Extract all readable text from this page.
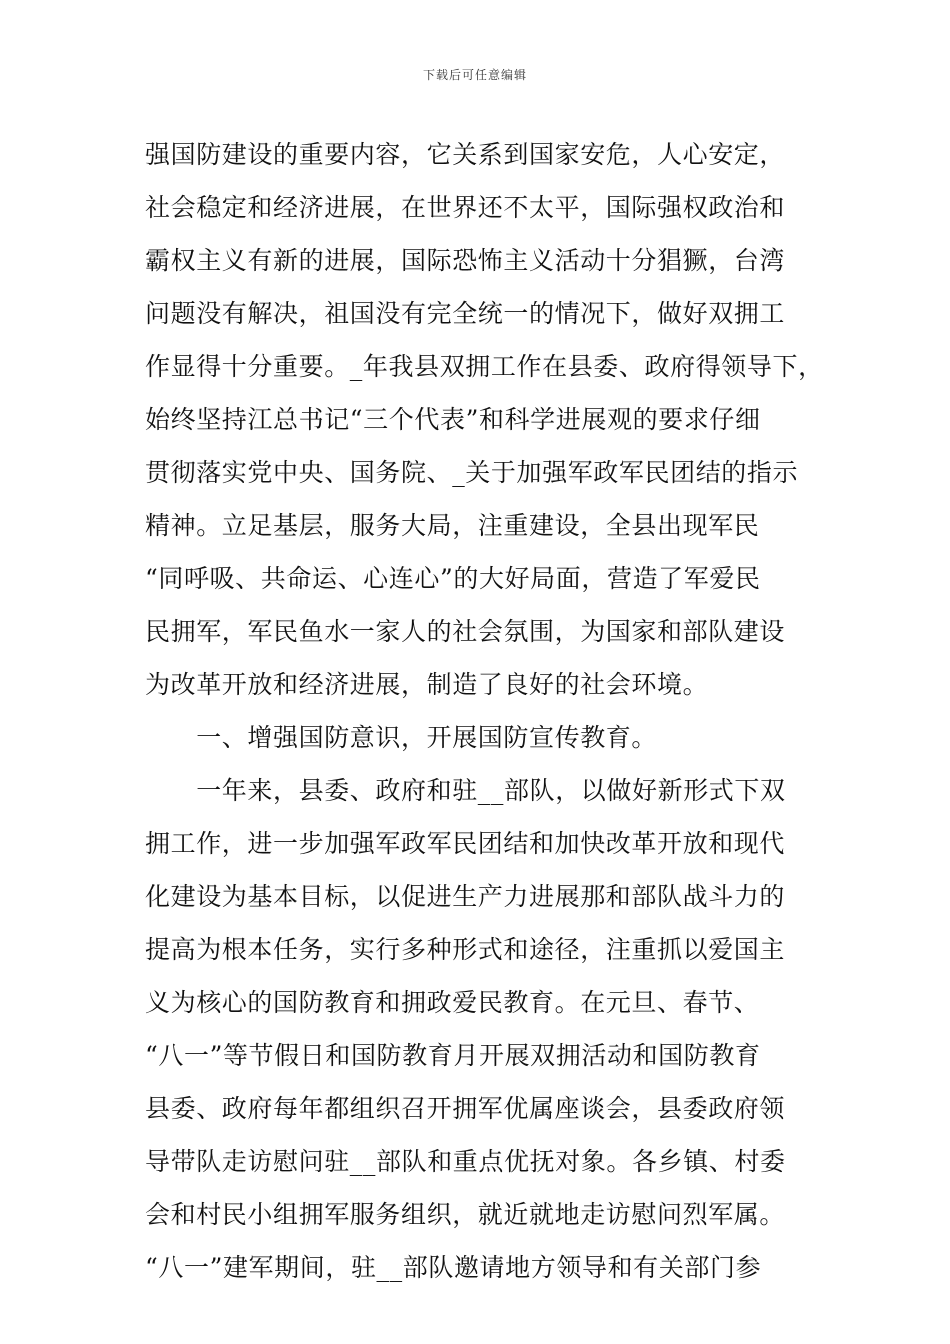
下载后可任意编辑
强国防建设的重要内容，它关系到国家安危，人心安定，
社会稳定和经济进展，在世界还不太平，国际强权政治和
霸权主义有新的进展，国际恐怖主义活动十分猖獗，台湾
问题没有解决，祖国没有完全统一的情况下，做好双拥工
作显得十分重要。_年我县双拥工作在县委、政府得领导下，
始终坚持江总书记“三个代表”和科学进展观的要求仔细
贯彻落实党中央、国务院、_关于加强军政军民团结的指示
精神。立足基层，服务大局，注重建设，全县出现军民
“同呼吸、共命运、心连心”的大好局面，营造了军爱民
民拥军，军民鱼水一家人的社会氛围，为国家和部队建设
为改革开放和经济进展，制造了良好的社会环境。
　　一、增强国防意识，开展国防宣传教育。
　　一年来，县委、政府和驻__部队，以做好新形式下双
拥工作，进一步加强军政军民团结和加快改革开放和现代
化建设为基本目标，以促进生产力进展那和部队战斗力的
提高为根本任务，实行多种形式和途径，注重抓以爱国主
义为核心的国防教育和拥政爱民教育。在元旦、春节、
“八一”等节假日和国防教育月开展双拥活动和国防教育
县委、政府每年都组织召开拥军优属座谈会，县委政府领
导带队走访慰问驻__部队和重点优抚对象。各乡镇、村委
会和村民小组拥军服务组织，就近就地走访慰问烈军属。
“八一”建军期间，驻__部队邀请地方领导和有关部门参
